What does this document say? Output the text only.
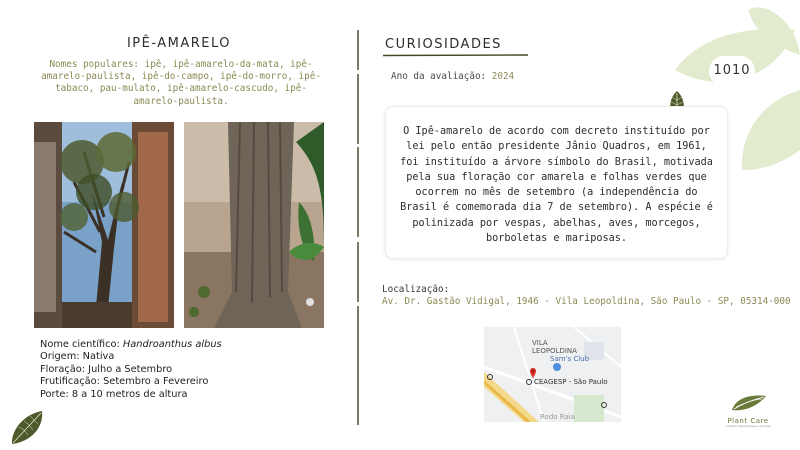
1010
IPÊ-AMARELO
Nomes populares: ipê, ipê-amarelo-da-mata, ipê-amarelo-paulista, ipê-do-campo, ipê-do-morro, ipê-tabaco, pau-mulato, ipê-amarelo-cascudo, ipê-amarelo-paulista.
Nome científico: Handroanthus albus
Origem: Nativa
Floração: Julho a Setembro
Frutificação: Setembro a Fevereiro
Porte: 8 a 10 metros de altura
CURIOSIDADES
Ano da avaliação: 2024
O Ipê-amarelo de acordo com decreto instituído por lei pelo então presidente Jânio Quadros, em 1961, foi instituído a árvore símbolo do Brasil, motivada pela sua floração cor amarela e folhas verdes que ocorrem no mês de setembro (a independência do Brasil é comemorada dia 7 de setembro). A espécie é polinizada por vespas, abelhas, aves, morcegos, borboletas e mariposas.
Localização:
Av. Dr. Gastão Vidigal, 1946 - Vila Leopoldina, São Paulo - SP, 05314-000
VILA
LEOPOLDINA
Sam's Club
CEAGESP - São Paulo
Rodo Raia	Plant Care
cuidado das plantas e arvores
